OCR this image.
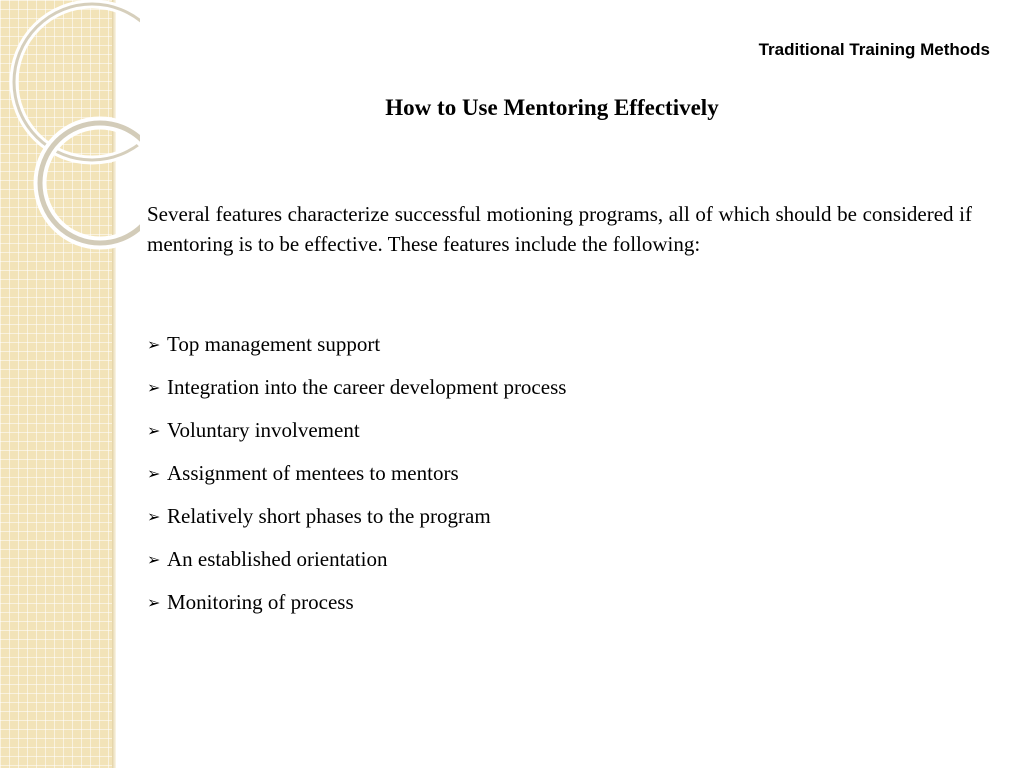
Traditional Training Methods
How to Use Mentoring Effectively
Several features characterize successful motioning programs, all of which should be considered if mentoring is to be effective. These features include the following:
➢ Top management support
➢ Integration into the career development process
➢ Voluntary involvement
➢ Assignment of mentees to mentors
➢ Relatively short phases to the program
➢ An established orientation
➢ Monitoring of process
